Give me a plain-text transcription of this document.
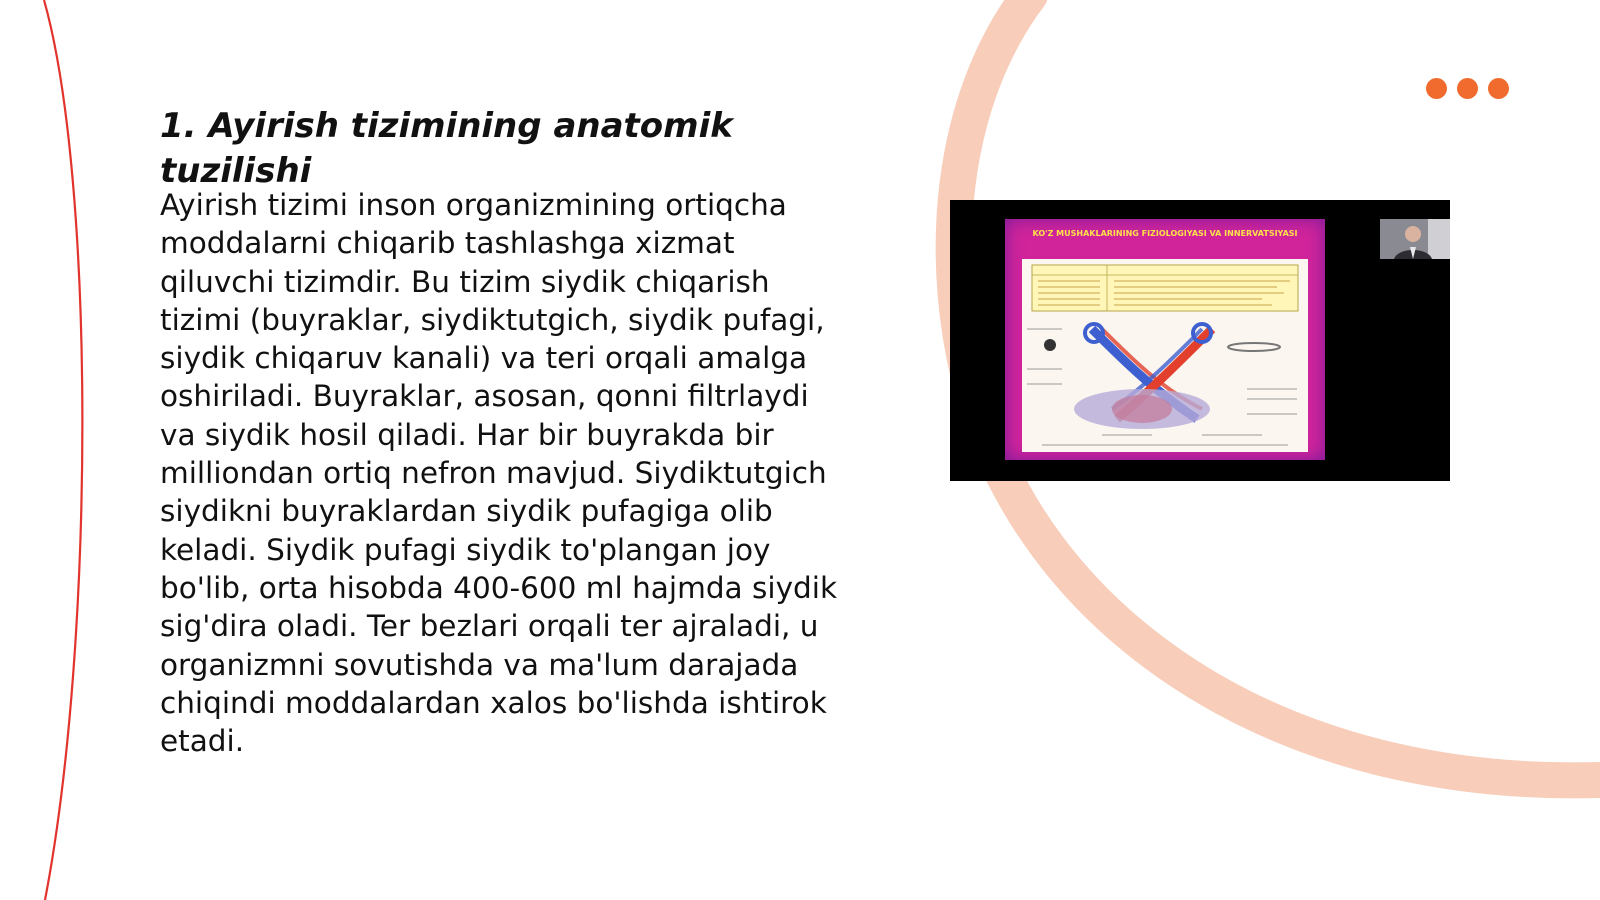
1. Ayirish tizimining anatomik tuzilishi

Ayirish tizimi inson organizmining ortiqcha moddalarni chiqarib tashlashga xizmat qiluvchi tizimdir. Bu tizim siydik chiqarish tizimi (buyraklar, siydiktutgich, siydik pufagi, siydik chiqaruv kanali) va teri orqali amalga oshiriladi. Buyraklar, asosan, qonni filtrlaydi va siydik hosil qiladi. Har bir buyrakda bir milliondan ortiq nefron mavjud. Siydiktutgich siydikni buyraklardan siydik pufagiga olib keladi. Siydik pufagi siydik to'plangan joy bo'lib, orta hisobda 400-600 ml hajmda siydik sig'dira oladi. Ter bezlari orqali ter ajraladi, u organizmni sovutishda va ma'lum darajada chiqindi moddalardan xalos bo'lishda ishtirok etadi.

KO'Z MUSHAKLARINING FIZIOLOGIYASI VA INNERVATSIYASI
